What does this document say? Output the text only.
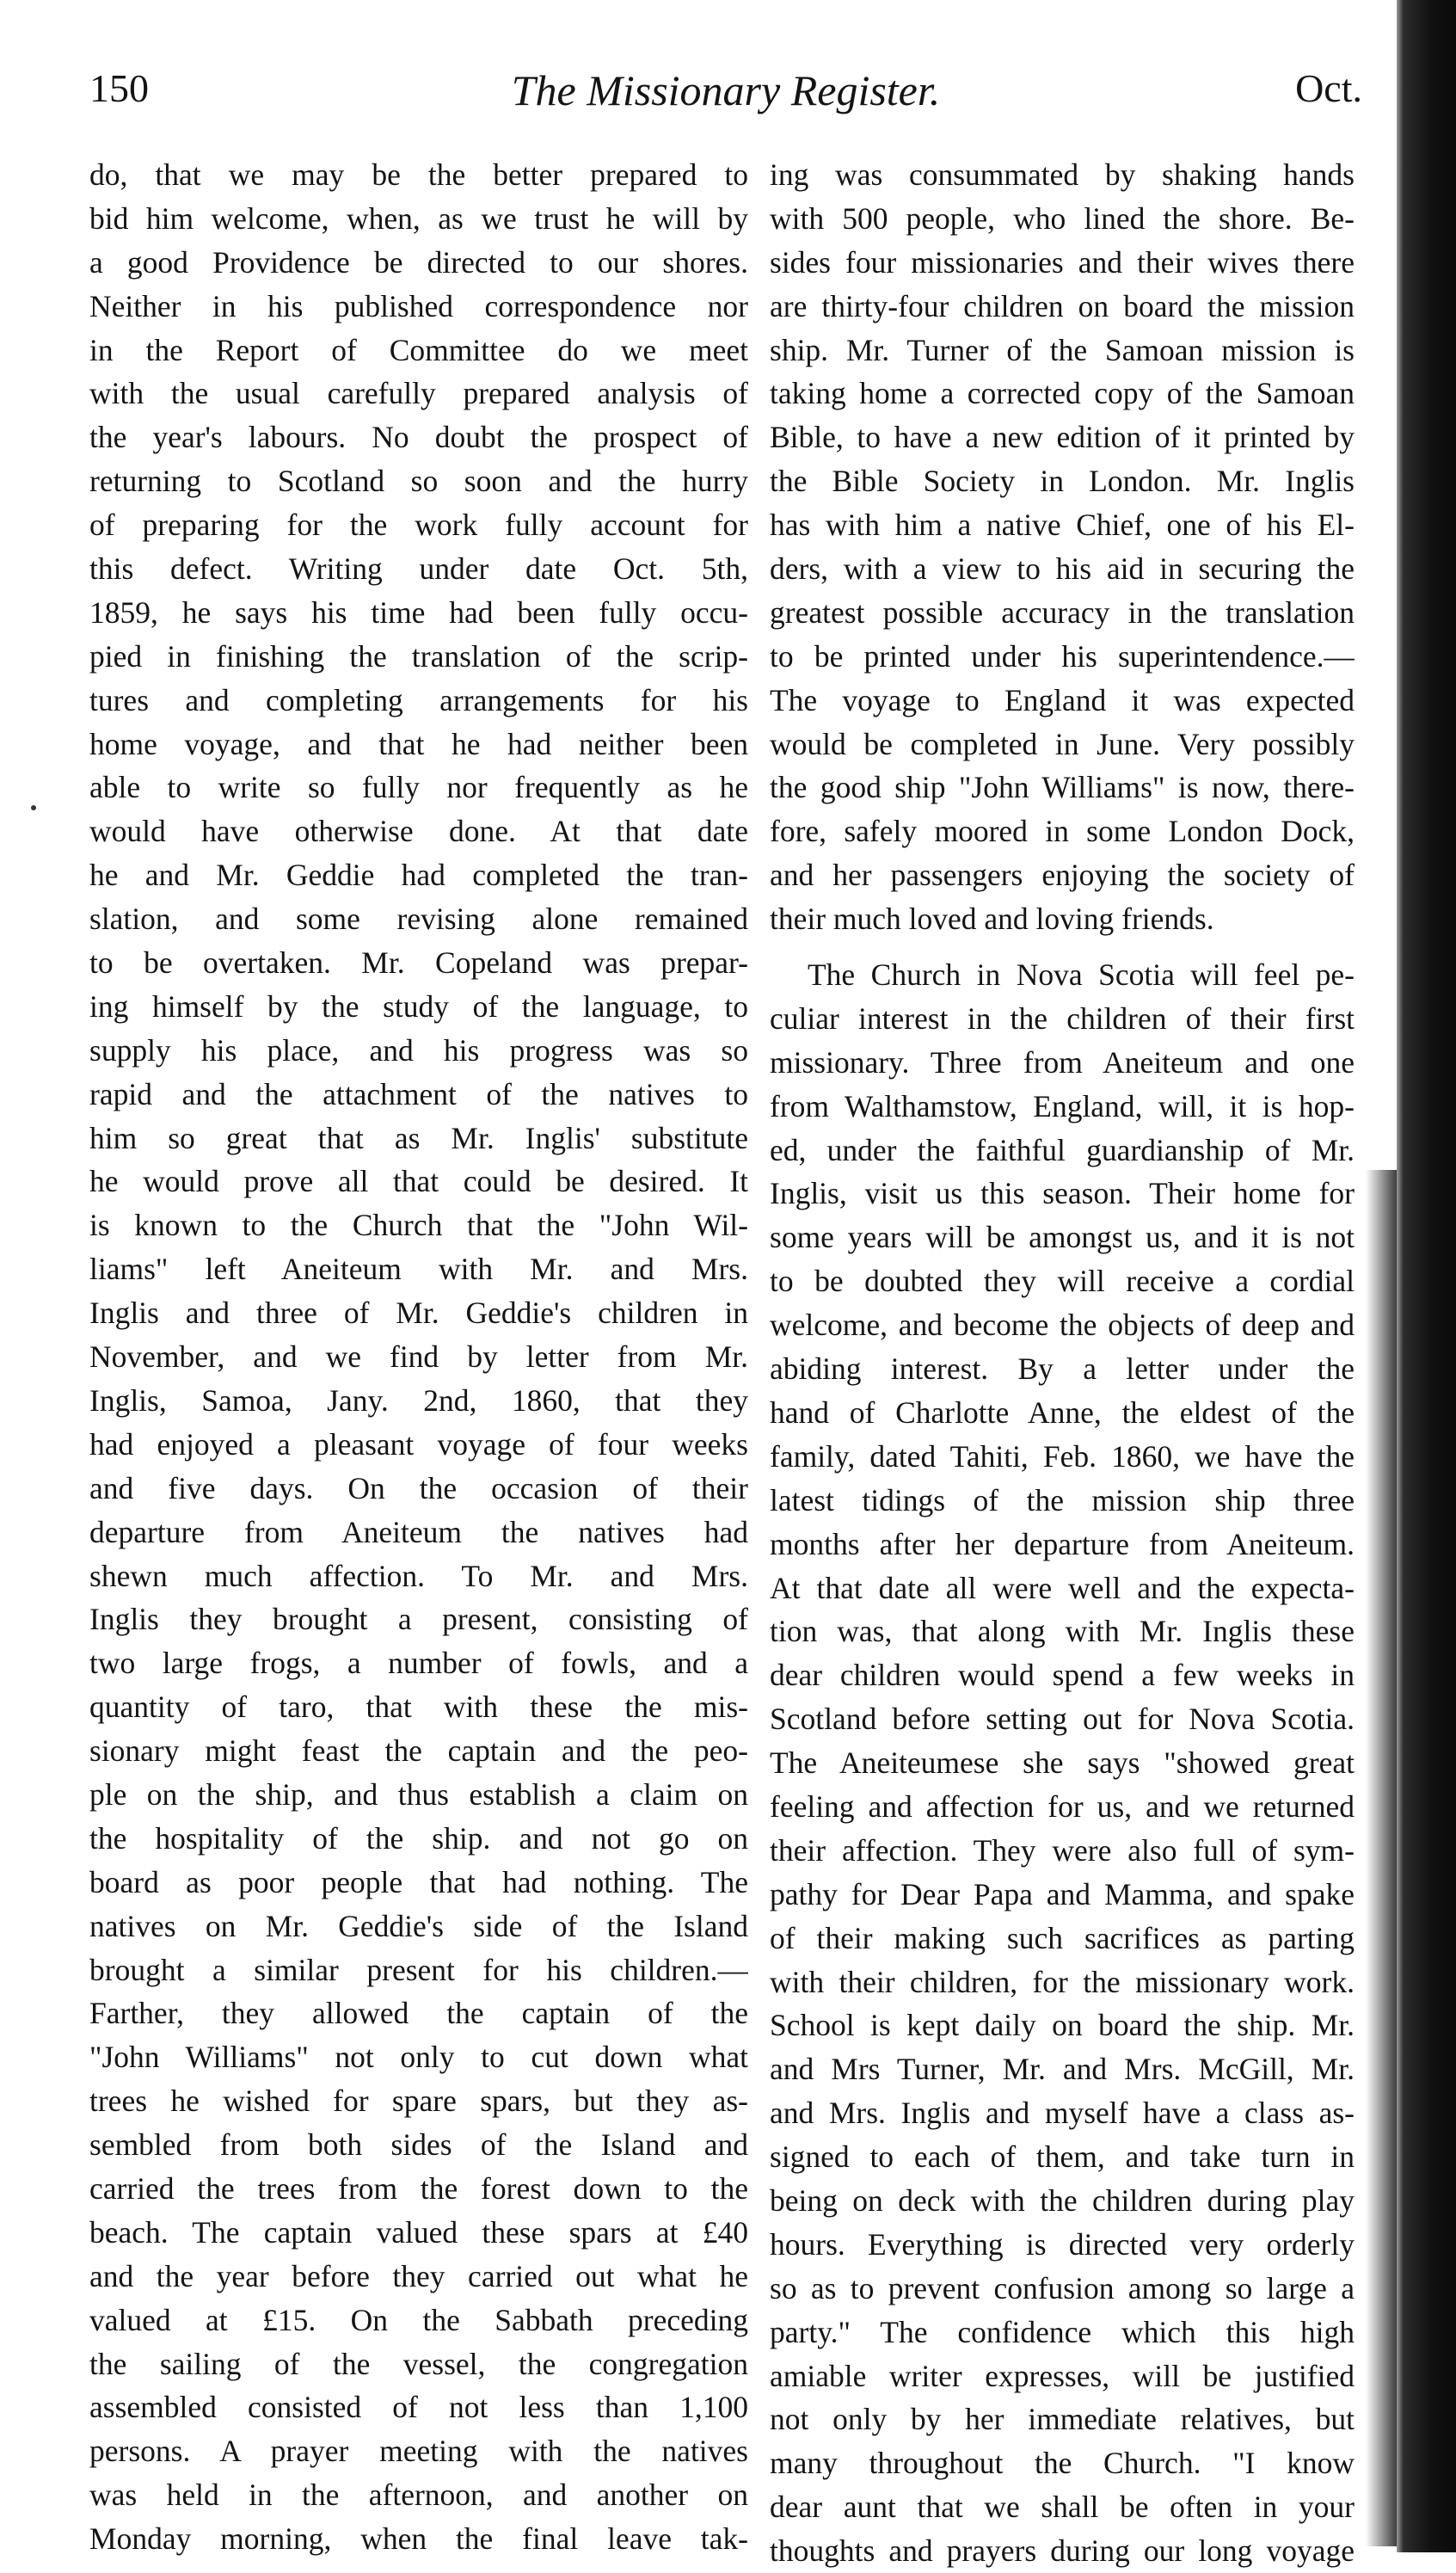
150	The Missionary Register.	Oct.
do, that we may be the better prepared to
bid him welcome, when, as we trust he will by
a good Providence be directed to our shores.
Neither in his published correspondence nor
in the Report of Committee do we meet
with the usual carefully prepared analysis of
the year's labours. No doubt the prospect of
returning to Scotland so soon and the hurry
of preparing for the work fully account for
this defect. Writing under date Oct. 5th,
1859, he says his time had been fully occu-
pied in finishing the translation of the scrip-
tures and completing arrangements for his
home voyage, and that he had neither been
able to write so fully nor frequently as he
would have otherwise done. At that date
he and Mr. Geddie had completed the tran-
slation, and some revising alone remained
to be overtaken. Mr. Copeland was prepar-
ing himself by the study of the language, to
supply his place, and his progress was so
rapid and the attachment of the natives to
him so great that as Mr. Inglis' substitute
he would prove all that could be desired. It
is known to the Church that the "John Wil-
liams" left Aneiteum with Mr. and Mrs.
Inglis and three of Mr. Geddie's children in
November, and we find by letter from Mr.
Inglis, Samoa, Jany. 2nd, 1860, that they
had enjoyed a pleasant voyage of four weeks
and five days. On the occasion of their
departure from Aneiteum the natives had
shewn much affection. To Mr. and Mrs.
Inglis they brought a present, consisting of
two large frogs, a number of fowls, and a
quantity of taro, that with these the mis-
sionary might feast the captain and the peo-
ple on the ship, and thus establish a claim on
the hospitality of the ship. and not go on
board as poor people that had nothing. The
natives on Mr. Geddie's side of the Island
brought a similar present for his children.—
Farther, they allowed the captain of the
"John Williams" not only to cut down what
trees he wished for spare spars, but they as-
sembled from both sides of the Island and
carried the trees from the forest down to the
beach. The captain valued these spars at £40
and the year before they carried out what he
valued at £15. On the Sabbath preceding
the sailing of the vessel, the congregation
assembled consisted of not less than 1,100
persons. A prayer meeting with the natives
was held in the afternoon, and another on
Monday morning, when the final leave tak-
ing was consummated by shaking hands
with 500 people, who lined the shore. Be-
sides four missionaries and their wives there
are thirty-four children on board the mission
ship. Mr. Turner of the Samoan mission is
taking home a corrected copy of the Samoan
Bible, to have a new edition of it printed by
the Bible Society in London. Mr. Inglis
has with him a native Chief, one of his El-
ders, with a view to his aid in securing the
greatest possible accuracy in the translation
to be printed under his superintendence.—
The voyage to England it was expected
would be completed in June. Very possibly
the good ship "John Williams" is now, there-
fore, safely moored in some London Dock,
and her passengers enjoying the society of
their much loved and loving friends.
The Church in Nova Scotia will feel pe-
culiar interest in the children of their first
missionary. Three from Aneiteum and one
from Walthamstow, England, will, it is hop-
ed, under the faithful guardianship of Mr.
Inglis, visit us this season. Their home for
some years will be amongst us, and it is not
to be doubted they will receive a cordial
welcome, and become the objects of deep and
abiding interest. By a letter under the
hand of Charlotte Anne, the eldest of the
family, dated Tahiti, Feb. 1860, we have the
latest tidings of the mission ship three
months after her departure from Aneiteum.
At that date all were well and the expecta-
tion was, that along with Mr. Inglis these
dear children would spend a few weeks in
Scotland before setting out for Nova Scotia.
The Aneiteumese she says "showed great
feeling and affection for us, and we returned
their affection. They were also full of sym-
pathy for Dear Papa and Mamma, and spake
of their making such sacrifices as parting
with their children, for the missionary work.
School is kept daily on board the ship. Mr.
and Mrs Turner, Mr. and Mrs. McGill, Mr.
and Mrs. Inglis and myself have a class as-
signed to each of them, and take turn in
being on deck with the children during play
hours. Everything is directed very orderly
so as to prevent confusion among so large a
party." The confidence which this high
amiable writer expresses, will be justified
not only by her immediate relatives, but
many throughout the Church. "I know
dear aunt that we shall be often in your
thoughts and prayers during our long voyage
